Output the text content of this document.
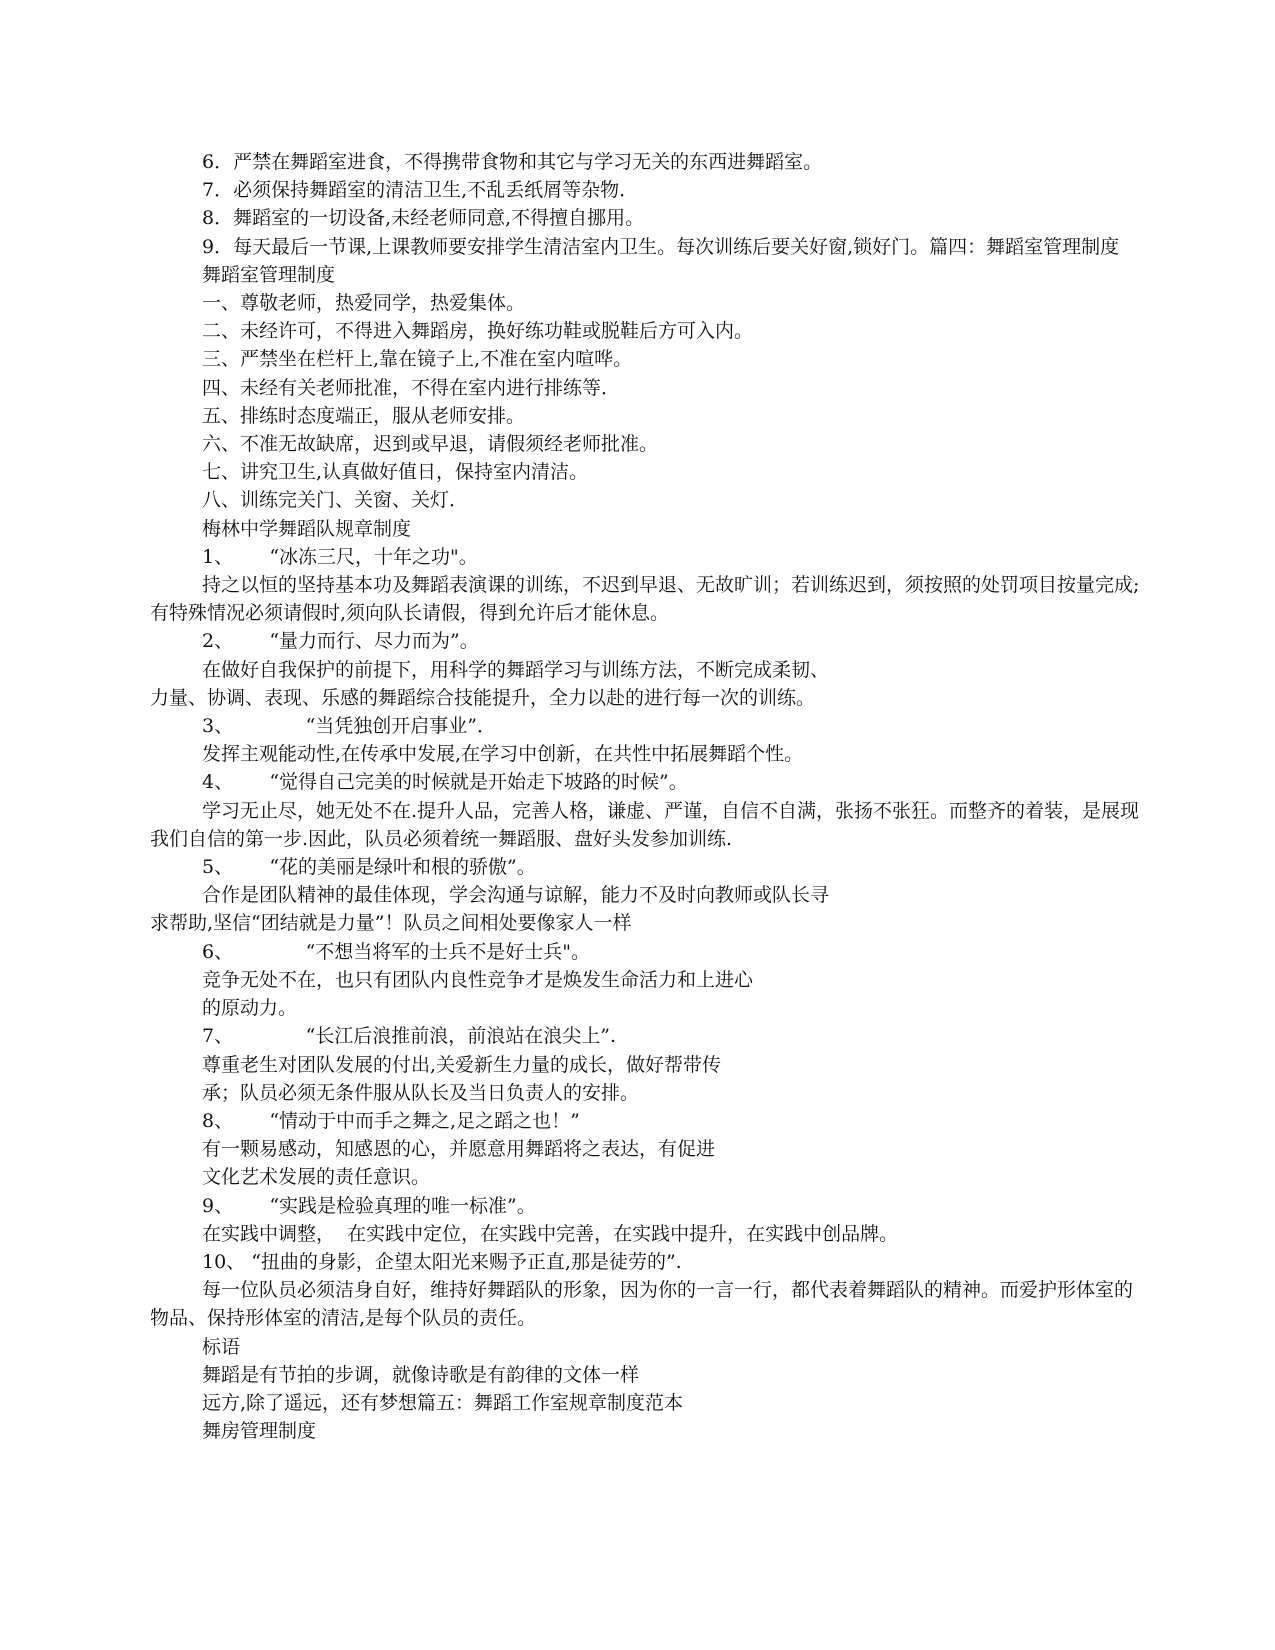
6．严禁在舞蹈室进食，不得携带食物和其它与学习无关的东西进舞蹈室。
7．必须保持舞蹈室的清洁卫生,不乱丢纸屑等杂物．
8．舞蹈室的一切设备,未经老师同意,不得擅自挪用。
9．每天最后一节课,上课教师要安排学生清洁室内卫生。每次训练后要关好窗,锁好门。篇四：舞蹈室管理制度
舞蹈室管理制度
一、尊敬老师，热爱同学，热爱集体。
二、未经许可，不得进入舞蹈房，换好练功鞋或脱鞋后方可入内。
三、严禁坐在栏杆上,靠在镜子上,不准在室内喧哗。
四、未经有关老师批准，不得在室内进行排练等．
五、排练时态度端正，服从老师安排。
六、不准无故缺席，迟到或早退，请假须经老师批准。
七、讲究卫生,认真做好值日，保持室内清洁。
八、训练完关门、关窗、关灯．
梅林中学舞蹈队规章制度
1、      “冰冻三尺，十年之功"。
持之以恒的坚持基本功及舞蹈表演课的训练，不迟到早退、无故旷训；若训练迟到，须按照的处罚项目按量完成;有特殊情况必须请假时,须向队长请假，得到允许后才能休息。
2、      “量力而行、尽力而为”。
在做好自我保护的前提下，用科学的舞蹈学习与训练方法，不断完成柔韧、
力量、协调、表现、乐感的舞蹈综合技能提升，全力以赴的进行每一次的训练。
3、            “当凭独创开启事业”．
发挥主观能动性,在传承中发展,在学习中创新，在共性中拓展舞蹈个性。
4、      “觉得自己完美的时候就是开始走下坡路的时候”。
学习无止尽，她无处不在.提升人品，完善人格，谦虚、严谨，自信不自满，张扬不张狂。而整齐的着装，是展现我们自信的第一步.因此，队员必须着统一舞蹈服、盘好头发参加训练.
5、      “花的美丽是绿叶和根的骄傲”。
合作是团队精神的最佳体现，学会沟通与谅解，能力不及时向教师或队长寻
求帮助,坚信“团结就是力量”！队员之间相处要像家人一样
6、            “不想当将军的士兵不是好士兵"。
竞争无处不在，也只有团队内良性竞争才是焕发生命活力和上进心
的原动力。
7、            “长江后浪推前浪，前浪站在浪尖上”.
尊重老生对团队发展的付出,关爱新生力量的成长，做好帮带传
承；队员必须无条件服从队长及当日负责人的安排。
8、      “情动于中而手之舞之,足之蹈之也！”
有一颗易感动，知感恩的心，并愿意用舞蹈将之表达，有促进
文化艺术发展的责任意识。
9、      “实践是检验真理的唯一标准”。
在实践中调整，  在实践中定位，在实践中完善，在实践中提升，在实践中创品牌。
10、 “扭曲的身影，企望太阳光来赐予正直,那是徒劳的”.
每一位队员必须洁身自好，维持好舞蹈队的形象，因为你的一言一行，都代表着舞蹈队的精神。而爱护形体室的物品、保持形体室的清洁,是每个队员的责任。
标语
舞蹈是有节拍的步调，就像诗歌是有韵律的文体一样
远方,除了遥远，还有梦想篇五：舞蹈工作室规章制度范本
舞房管理制度
